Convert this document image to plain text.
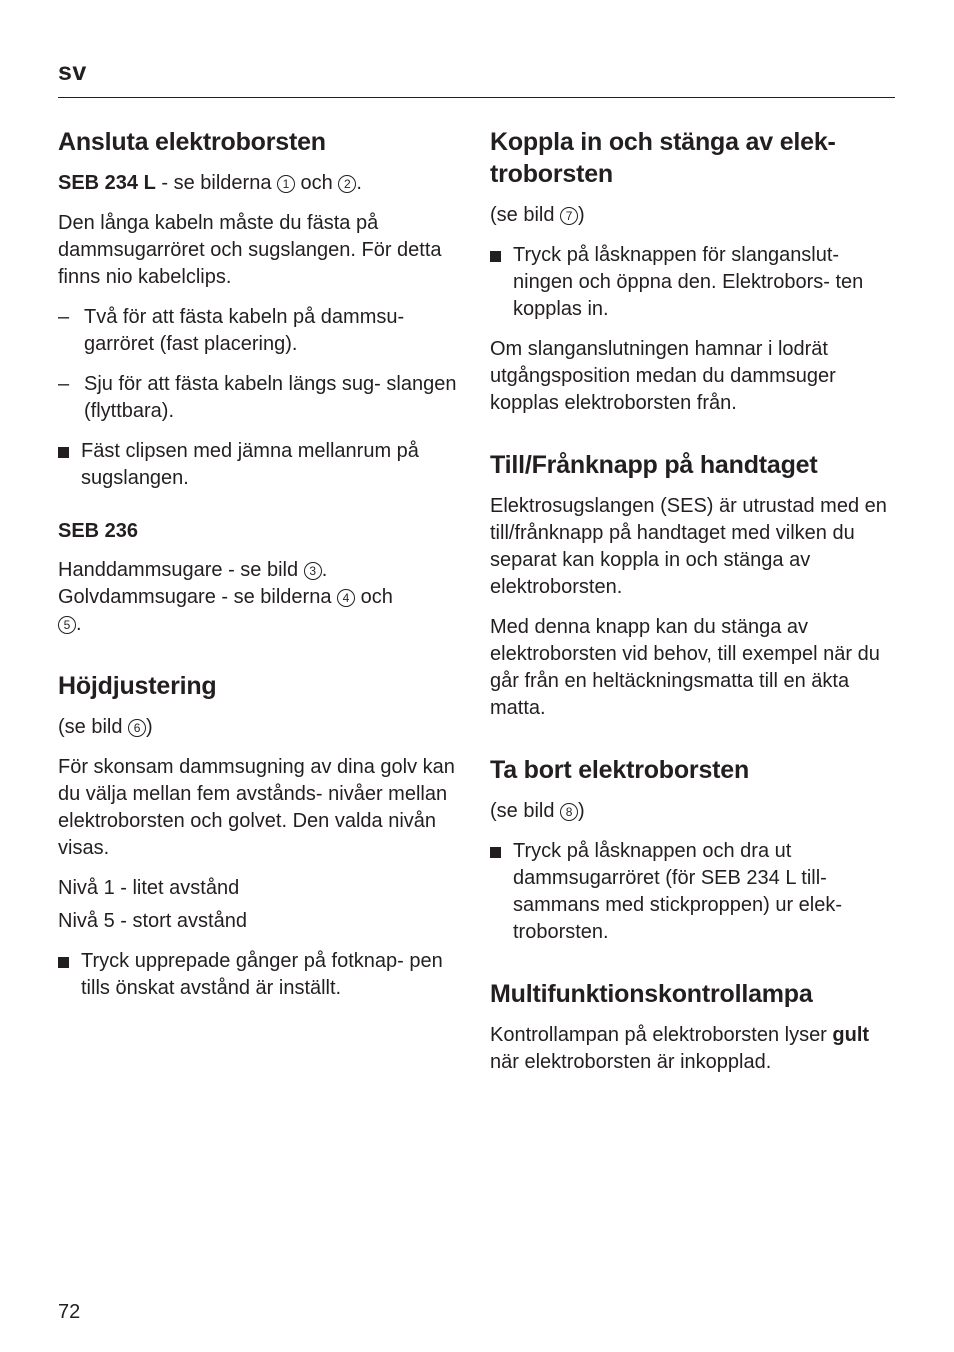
sv
Ansluta elektroborsten

SEB 234 L - se bilderna 1 och 2 .

Den långa kabeln måste du fästa på dammsugarröret och sugslangen. För detta finns nio kabelclips.

– Två för att fästa kabeln på dammsu- garröret (fast placering).
– Sju för att fästa kabeln längs sug- slangen (flyttbara).
Fäst clipsen med jämna mellanrum på sugslangen.
SEB 236

Handdammsugare - se bild 3 .
Golvdammsugare - se bilderna 4 och
5 .

Höjdjustering

(se bild 6 )

För skonsam dammsugning av dina golv kan du välja mellan fem avstånds- nivåer mellan elektroborsten och golvet. Den valda nivån visas.

Nivå 1 - litet avstånd

Nivå 5 - stort avstånd

Tryck upprepade gånger på fotknap- pen tills önskat avstånd är inställt.
Koppla in och stänga av elek- troborsten

(se bild 7 )

Tryck på låsknappen för slanganslut- ningen och öppna den. Elektrobors- ten kopplas in.

Om slanganslutningen hamnar i lodrät utgångsposition medan du dammsuger kopplas elektroborsten från.

Till/Frånknapp på handtaget

Elektrosugslangen (SES) är utrustad med en till/frånknapp på handtaget med vilken du separat kan koppla in och stänga av elektroborsten.

Med denna knapp kan du stänga av elektroborsten vid behov, till exempel när du går från en heltäckningsmatta till en äkta matta.

Ta bort elektroborsten

(se bild 8 )

Tryck på låsknappen och dra ut dammsugarröret (för SEB 234 L till- sammans med stickproppen) ur elek- troborsten.
Multifunktionskontrollampa

Kontrollampan på elektroborsten lyser gult när elektroborsten är inkopplad.

72
